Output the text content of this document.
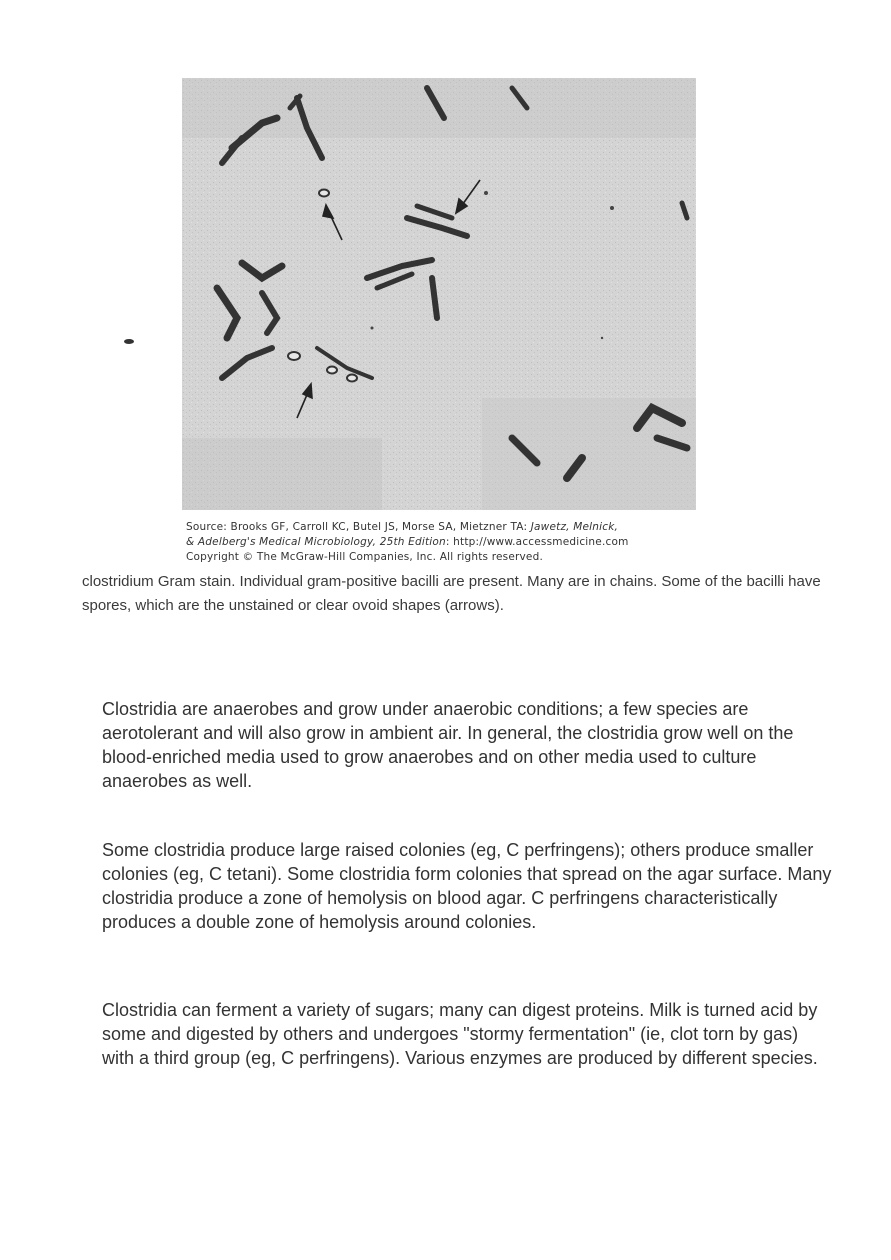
Source: Brooks GF, Carroll KC, Butel JS, Morse SA, Mietzner TA: Jawetz, Melnick,
& Adelberg's Medical Microbiology, 25th Edition: http://www.accessmedicine.com
Copyright © The McGraw-Hill Companies, Inc. All rights reserved.
clostridium Gram stain. Individual gram-positive bacilli are present. Many are in chains. Some of the bacilli have spores, which are the unstained or clear ovoid shapes (arrows).
Clostridia are anaerobes and grow under anaerobic conditions; a few species are aerotolerant and will also grow in ambient air. In general, the clostridia grow well on the blood-enriched media used to grow anaerobes and on other media used to culture anaerobes as well.
Some clostridia produce large raised colonies (eg, C perfringens); others produce smaller colonies (eg, C tetani). Some clostridia form colonies that spread on the agar surface. Many clostridia produce a zone of hemolysis on blood agar. C perfringens characteristically produces a double zone of hemolysis around colonies.
Clostridia can ferment a variety of sugars; many can digest proteins. Milk is turned acid by some and digested by others and undergoes "stormy fermentation" (ie, clot torn by gas) with a third group (eg, C perfringens). Various enzymes are produced by different species.
